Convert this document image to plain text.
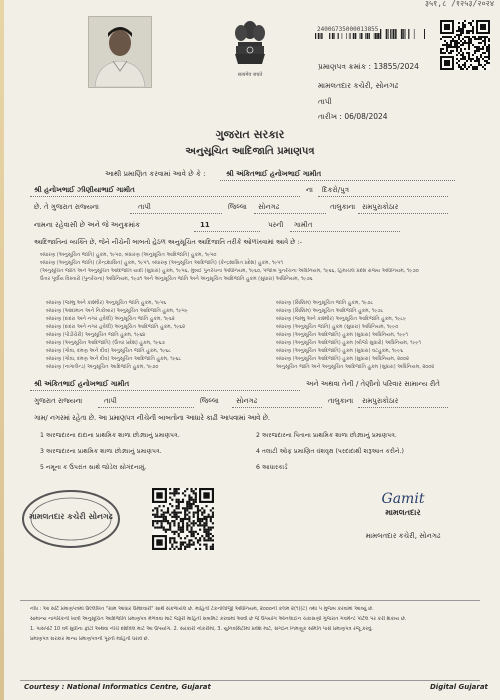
३५१,८ /१२५३/२०२४
सत्यमेव जयते
2400G735000013855
પ્રમાણપત્ર ક્રમાંક : 13855/2024
મામલતદાર કચેરી, સોનગઢ
તાપી
તારીખ : 06/08/2024
ગુજરાત સરકાર
અનુસૂચિત આદિજાતિ પ્રમાણપત્ર
આથી પ્રમાણિત કરવામાં આવે છે કે :	શ્રી અંકિતભાઈ હનોખભાઈ ગામીત
શ્રી હનોખભાઈ ઝીણીયાભાઈ ગામીત	ના દિકરો/પુત્ર
છે. તે ગુજરાત રાજ્યના	તાપી	જિલ્લા સોનગઢ	તાલુકાના રામપુરાકોઠાર
નામના રહેવાસી છે અને જે અનુક્રમાંક	11	પરની ગામીત
આદિજાતિનાં વ્યક્તિ છે, જેને નીચેની બાબતો હેઠળ અનુસૂચિત આદિજાતિ તરીકે ઓળખવામાં આવે છે :-
બંધારણ (અનુસૂચિત જાતિ) હુકમ, ૧૯૫૦, બંધારણ (અનુસૂચિત આદિજાતિ) હુકમ, ૧૯૫૦
બંધારણ (અનુસૂચિત જાતિ) (કેન્દ્રશાસિત) હુકમ, ૧૯૫૧, બંધારણ (અનુસૂચિત આદિજાતિ) (કેન્દ્રશાસિત પ્રદેશ) હુકમ, ૧૯૫૧
(અનુસૂચિત જાતિ અને અનુસૂચિત આદિજાતિ યાદી (સુધારા) હુકમ, ૧૯૫૬, મુંબઈ પુનર્રચના અધિનિયમ, ૧૯૬૦, પંજાબ પુનર્રચના અધિનિયમ, ૧૯૬૬, હિમાચલ પ્રદેશ રાજ્ય અધિનિયમ, ૧૯૭૦
ઉત્તર પૂર્વીય વિસ્તારો (પુનર્રચના) અધિનિયમ, ૧૯૭૧ અને અનુસૂચિત જાતિ અને અનુસૂચિત આદિજાતિ હુકમ (સુધારા) અધિનિયમ, ૧૯૭૬
બંધારણ (જમ્મુ અને કાશ્મીર) અનુસૂચિત જાતિ હુકમ, ૧૯૫૬
બંધારણ (આંદામાન અને નિકોબાર) અનુસૂચિત આદિજાતિ હુકમ, ૧૯૫૯
બંધારણ (દાદરા અને નગર હવેલી) અનુસૂચિત જાતિ હુકમ, ૧૯૬૨
બંધારણ (દાદરા અને નગર હવેલી) અનુસૂચિત આદિજાતિ હુકમ, ૧૯૬૨
બંધારણ (પોંડીચેરી) અનુસૂચિત જાતિ હુકમ, ૧૯૬૪
બંધારણ (અનુસૂચિત આદિજાતિ) (ઉત્તર પ્રદેશ) હુકમ, ૧૯૬૭
બંધારણ (ગોવા, દમણ અને દીવ) અનુસૂચિત જાતિ હુકમ, ૧૯૬૮
બંધારણ (ગોવા, દમણ અને દીવ) અનુસૂચિત આદિજાતિ હુકમ, ૧૯૬૮
બંધારણ (નાગાલેન્ડ) અનુસૂચિત આદિજાતિ હુકમ, ૧૯૭૦
બંધારણ (સિક્કિમ) અનુસૂચિત જાતિ હુકમ, ૧૯૭૮
બંધારણ (સિક્કિમ) અનુસૂચિત આદિજાતિ હુકમ, ૧૯૭૮
બંધારણ (જમ્મુ અને કાશ્મીર) અનુસૂચિત આદિજાતિ હુકમ, ૧૯૮૯
બંધારણ (અનુસૂચિત જાતિ) હુકમ (સુધારા) અધિનિયમ, ૧૯૯૦
બંધારણ (અનુસૂચિત આદિજાતિ) હુકમ (સુધારા) અધિનિયમ, ૧૯૯૧
બંધારણ (અનુસૂચિત આદિજાતિ) હુકમ (બીજો સુધારો) અધિનિયમ, ૧૯૯૧
બંધારણ (અનુસૂચિત આદિજાતિ) હુકમ (સુધારા) વટહુકમ, ૧૯૯૬
બંધારણ (અનુસૂચિત આદિજાતિ) હુકમ (સુધારા) અધિનિયમ, ૨૦૦૨
અનુસૂચિત જાતિ અને અનુસૂચિત આદિજાતિ હુકમ (સુધારા) અધિનિયમ, ૨૦૦૨
શ્રી અંકિતભાઈ હનોખભાઈ ગામીત	અને અથવા તેની / તેણીનો પરિવાર સામાન્ય રીતે
ગુજરાત રાજ્યના	તાપી	જિલ્લા સોનગઢ	તાલુકાના રામપુરાકોઠાર
ગામ/ નગરમાં રહેતા છે. આ પ્રમાણપત્ર નીચેની બાબતોના આધારે કાઢી આપવામાં આવે છે.
1 અરજદારના દાદાના પ્રાથમિક શાળા છોડ્યાનું પ્રમાણપત્ર.	2 અરજદારના પિતાના પ્રાથમિક શાળા છોડ્યાનું પ્રમાણપત્ર.
3 અરજદારના પ્રાથમિક શાળા છોડ્યાનું પ્રમાણપત્ર.	4 તલાટી ઓફ પ્રમાણિત વંશવૃક્ષ (પરદાદાથી શરૂઆત કરીને.)
5 નમૂના ક ઉપરાંત સાથે જોડેલ સોગંદનામું.	6 આધારકાર્ડ
મામલતદાર કચેરી સોનગઢ
Gamit
મામલતદાર
મામલતદાર કચેરી, સોનગઢ
નોંધ : આ સર્ટિ પ્રમાણપત્રમાં ઉલ્લેખિત "ગ્રામ આધાર ઉમેદવારી" સાથે સંકળાયેલ છે. માહિતી ટેકનોલોજી અધિનિયમ, ૨૦૦૦ની કલમ ૨(૧)(ટ) તથા ૫ મુજબ કરવામાં આવ્યું છે.
સામાન્ય નાગરિકની ખાત્રી અનુસૂચિત આદિજાતિ પ્રમાણપત્ર મેળવવા માટે જરૂરી માહિતી સબમિટ કરવામાં આવી છે જે ઉપયોગ ઓનલાઈન ચકાસણી ગુજરાત ગવર્મેન્ટ પોર્ટલ પર કરી શકાય છે.
1. પાસપોર્ટ 10 વર્ષ સુધીના ફોટો અથવા નીચે દર્શાવેલ માટે આ ઉપયોગ. 2. સરકારી નોકરીમાં, 3. યુનિવર્સિટીમાં પ્રવેશ માટે, સંગઠન નિમણૂક સમિતિ પાસે પ્રમાણપત્ર રજૂ કરવું.
પ્રમાણપત્ર સરકાર માન્ય પ્રમાણપત્રની પૂરતી માહિતી ધરાવે છે.
Courtesy : National Informatics Centre, Gujarat	Digital Gujarat
